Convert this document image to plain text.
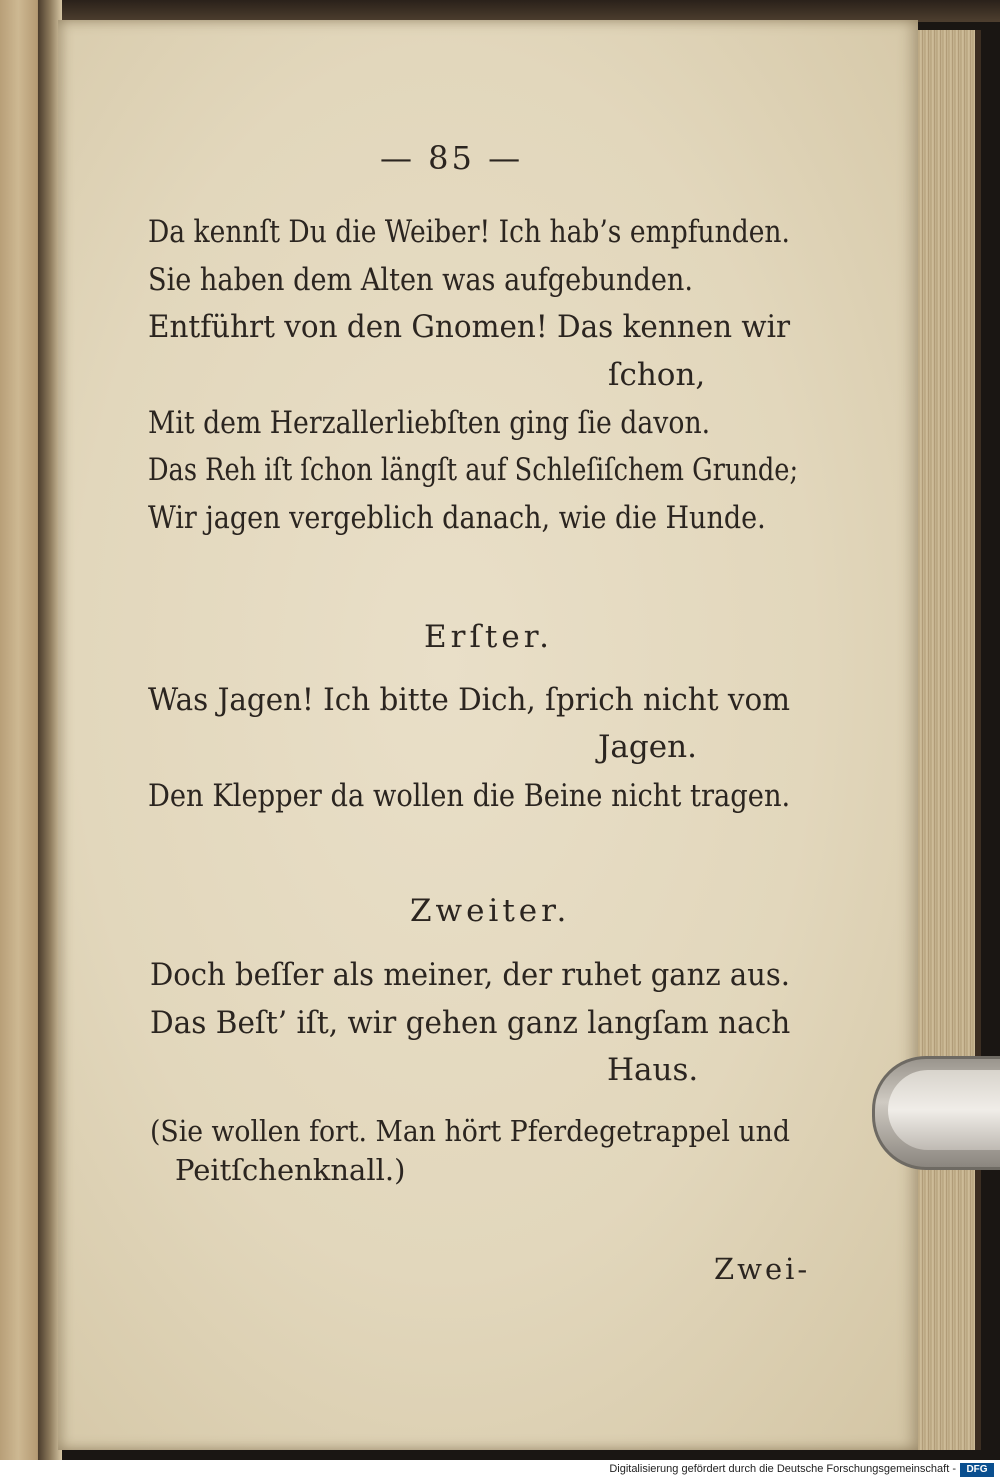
— 85 —
Da kennſt Du die Weiber! Ich hab’s empfunden.
Sie haben dem Alten was aufgebunden.
Entführt von den Gnomen! Das kennen wir
ſchon,
Mit dem Herzallerliebſten ging ſie davon.
Das Reh iſt ſchon längſt auf Schleſiſchem Grunde;
Wir jagen vergeblich danach, wie die Hunde.
Erſter.
Was Jagen! Ich bitte Dich, ſprich nicht vom
Jagen.
Den Klepper da wollen die Beine nicht tragen.
Zweiter.
Doch beſſer als meiner, der ruhet ganz aus.
Das Beſt’ iſt, wir gehen ganz langſam nach
Haus.
(Sie wollen fort. Man hört Pferdegetrappel und
Peitſchenknall.)
Zwei-
Digitalisierung gefördert durch die Deutsche Forschungsgemeinschaft -	DFG
